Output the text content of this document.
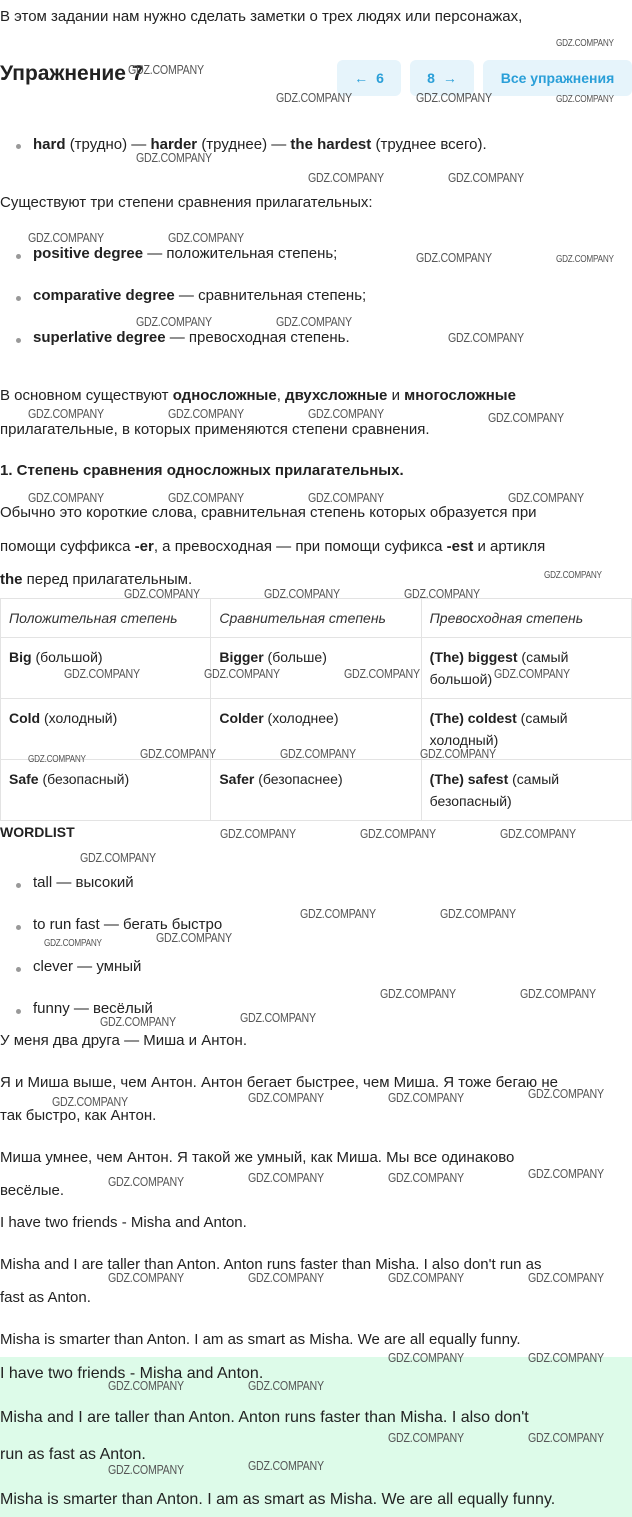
В этом задании нам нужно сделать заметки о трех людях или персонажах,

Упражнение 7	← 6	8 →	Все упражнения
hard (трудно) — harder (труднее) — the hardest (труднее всего).

Существуют три степени сравнения прилагательных:

positive degree — положительная степень;
comparative degree — сравнительная степень;
superlative degree — превосходная степень.

В основном существуют односложные, двухсложные и многосложные

прилагательные, в которых применяются степени сравнения.

1. Степень сравнения односложных прилагательных.

Обычно это короткие слова, сравнительная степень которых образуется при

помощи суффикса -er, а превосходная — при помощи суфикса -est и артикля

the перед прилагательным.

Положительная степень	Сравнительная степень	Превосходная степень
Big (большой)	Bigger (больше)	(The) biggest (самый большой)
Cold (холодный)	Colder (холоднее)	(The) coldest (самый холодный)
Safe (безопасный)	Safer (безопаснее)	(The) safest (самый безопасный)
WORDLIST
tall — высокий
to run fast — бегать быстро
clever — умный
funny — весёлый

У меня два друга — Миша и Антон.

Я и Миша выше, чем Антон. Антон бегает быстрее, чем Миша. Я тоже бегаю не

так быстро, как Антон.

Миша умнее, чем Антон. Я такой же умный, как Миша. Мы все одинаково

весёлые.

I have two friends - Misha and Anton.

Misha and I are taller than Anton. Anton runs faster than Misha. I also don't run as

fast as Anton.

Misha is smarter than Anton. I am as smart as Misha. We are all equally funny.

I have two friends - Misha and Anton.

Misha and I are taller than Anton. Anton runs faster than Misha. I also don't

run as fast as Anton.

Misha is smarter than Anton. I am as smart as Misha. We are all equally funny.

GDZ.COMPANY
GDZ.COMPANY
GDZ.COMPANY	GDZ.COMPANY	GDZ.COMPANY
GDZ.COMPANY
GDZ.COMPANY	GDZ.COMPANY
GDZ.COMPANY	GDZ.COMPANY
GDZ.COMPANY	GDZ.COMPANY
GDZ.COMPANY	GDZ.COMPANY
GDZ.COMPANY
GDZ.COMPANY	GDZ.COMPANY	GDZ.COMPANY	GDZ.COMPANY
GDZ.COMPANY	GDZ.COMPANY	GDZ.COMPANY	GDZ.COMPANY
GDZ.COMPANY
GDZ.COMPANY	GDZ.COMPANY	GDZ.COMPANY
GDZ.COMPANY	GDZ.COMPANY	GDZ.COMPANY	GDZ.COMPANY
GDZ.COMPANY	GDZ.COMPANY	GDZ.COMPANY	GDZ.COMPANY
GDZ.COMPANY	GDZ.COMPANY	GDZ.COMPANY
GDZ.COMPANY
GDZ.COMPANY	GDZ.COMPANY
GDZ.COMPANY	GDZ.COMPANY
GDZ.COMPANY	GDZ.COMPANY
GDZ.COMPANY	GDZ.COMPANY
GDZ.COMPANY	GDZ.COMPANY	GDZ.COMPANY	GDZ.COMPANY
GDZ.COMPANY	GDZ.COMPANY	GDZ.COMPANY	GDZ.COMPANY
GDZ.COMPANY	GDZ.COMPANY	GDZ.COMPANY	GDZ.COMPANY
GDZ.COMPANY	GDZ.COMPANY
GDZ.COMPANY	GDZ.COMPANY
GDZ.COMPANY	GDZ.COMPANY
GDZ.COMPANY	GDZ.COMPANY
